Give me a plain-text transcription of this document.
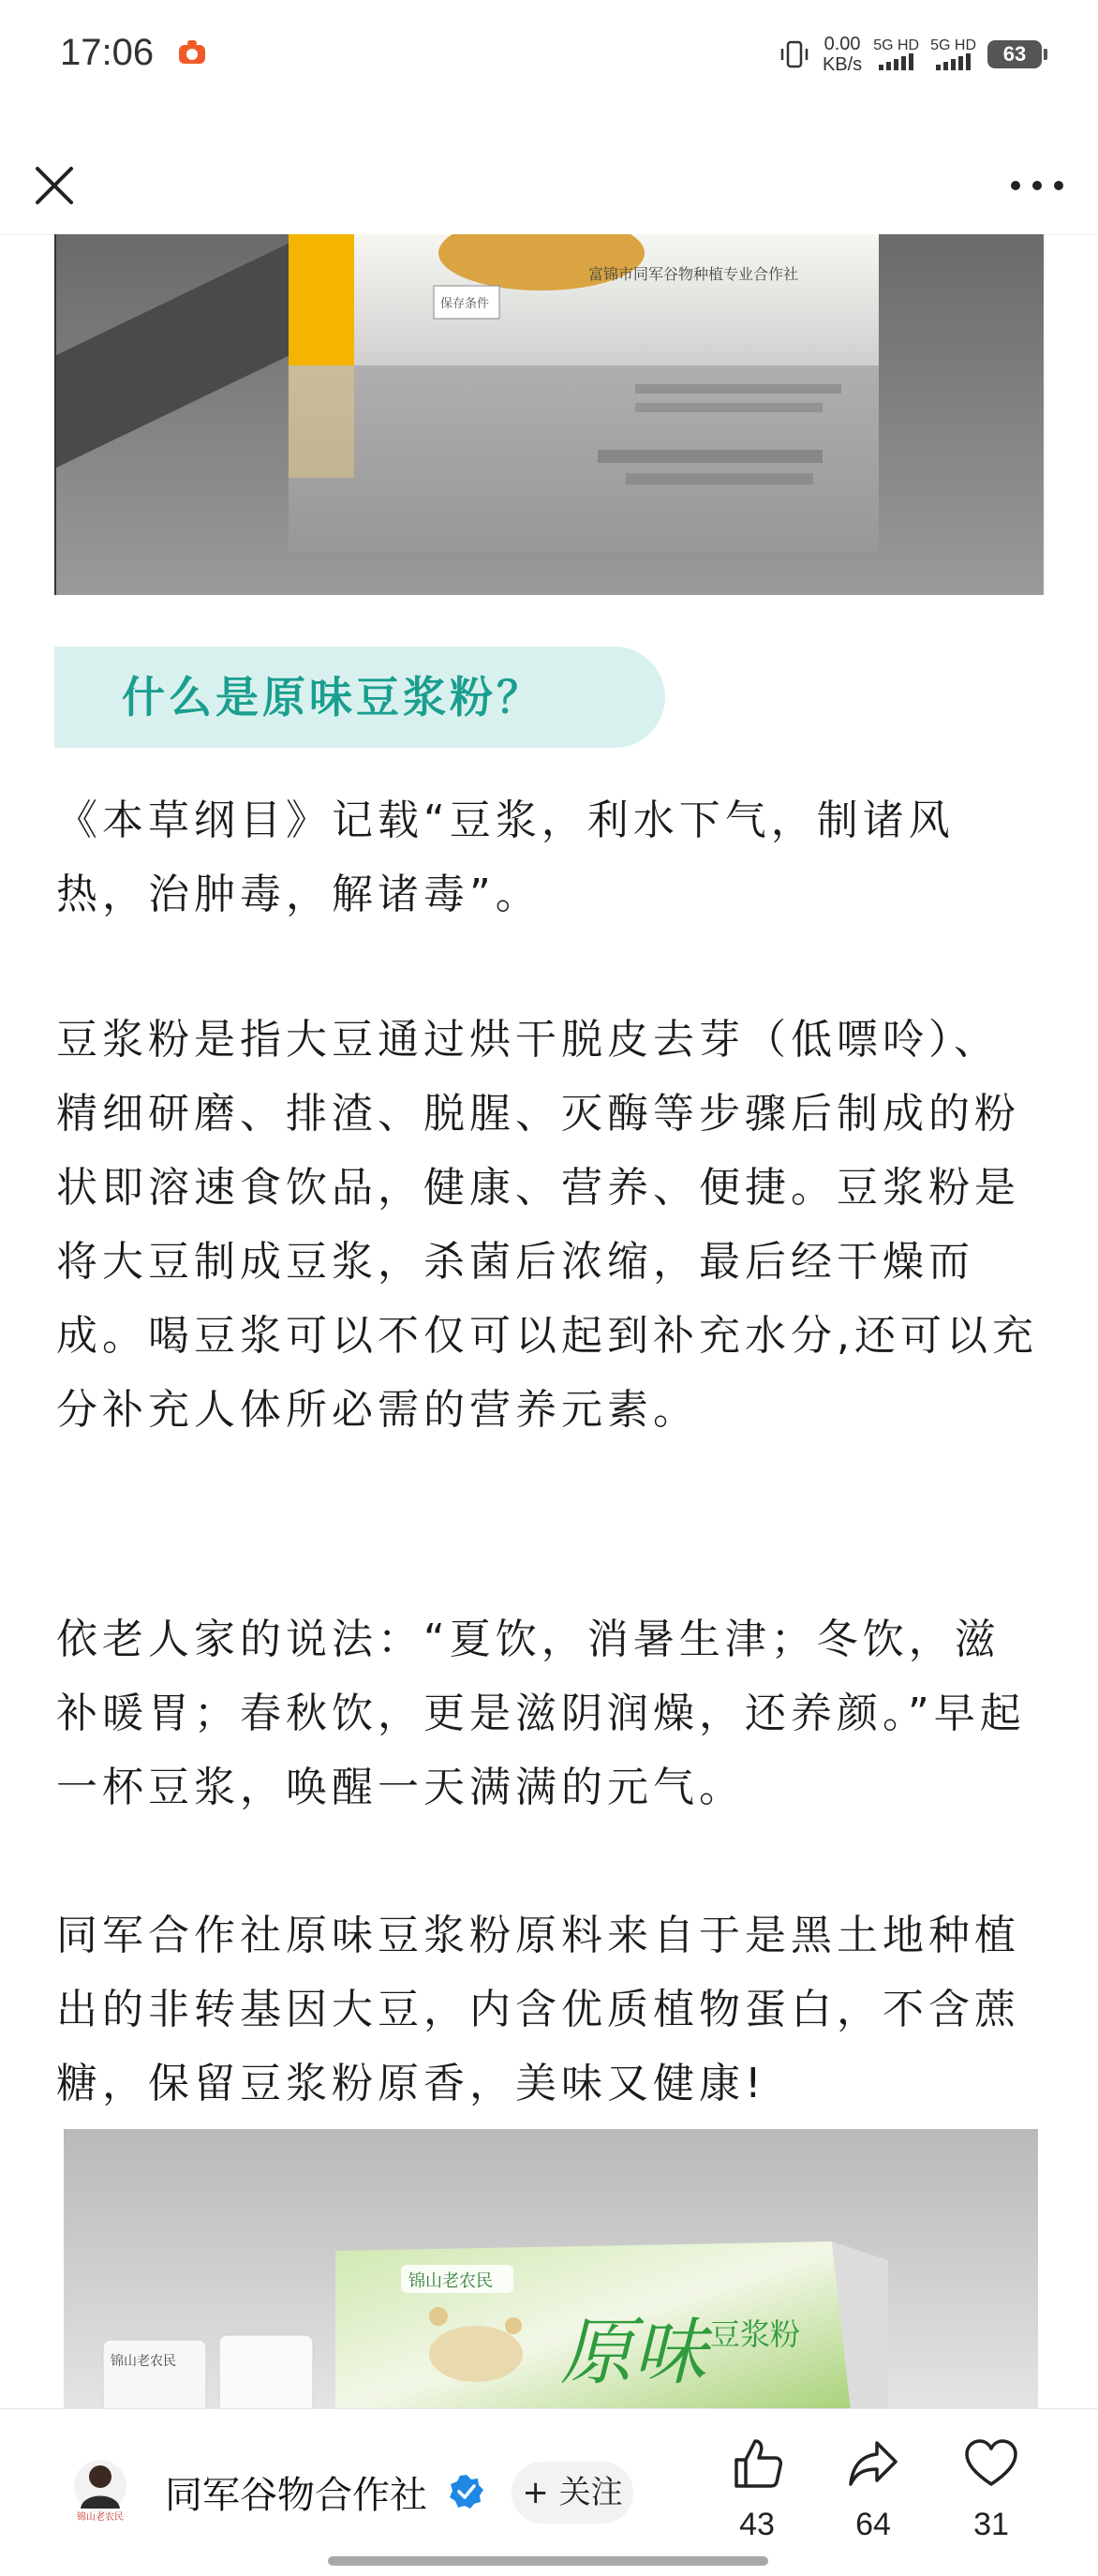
17:06	0.00
KB/s
5G HD 5G HD	63
保存条件
富锦市同军谷物种植专业合作社
什么是原味豆浆粉？

《本草纲目》记载“豆浆，利水下气，制诸风热，治肿毒，解诸毒”。

豆浆粉是指大豆通过烘干脱皮去芽（低嘌呤）、精细研磨、排渣、脱腥、灭酶等步骤后制成的粉状即溶速食饮品，健康、营养、便捷。豆浆粉是将大豆制成豆浆，杀菌后浓缩，最后经干燥而成。喝豆浆可以不仅可以起到补充水分,还可以充分补充人体所必需的营养元素。

依老人家的说法：“夏饮，消暑生津；冬饮，滋补暖胃；春秋饮，更是滋阴润燥，还养颜。”早起一杯豆浆，唤醒一天满满的元气。

同军合作社原味豆浆粉原料来自于是黑土地种植出的非转基因大豆，内含优质植物蛋白，不含蔗糖，保留豆浆粉原香，美味又健康!

锦山老农民
锦山老农民
原味 豆浆粉
锦山老农民
同军谷物合作社	+ 关注
43	64	31
